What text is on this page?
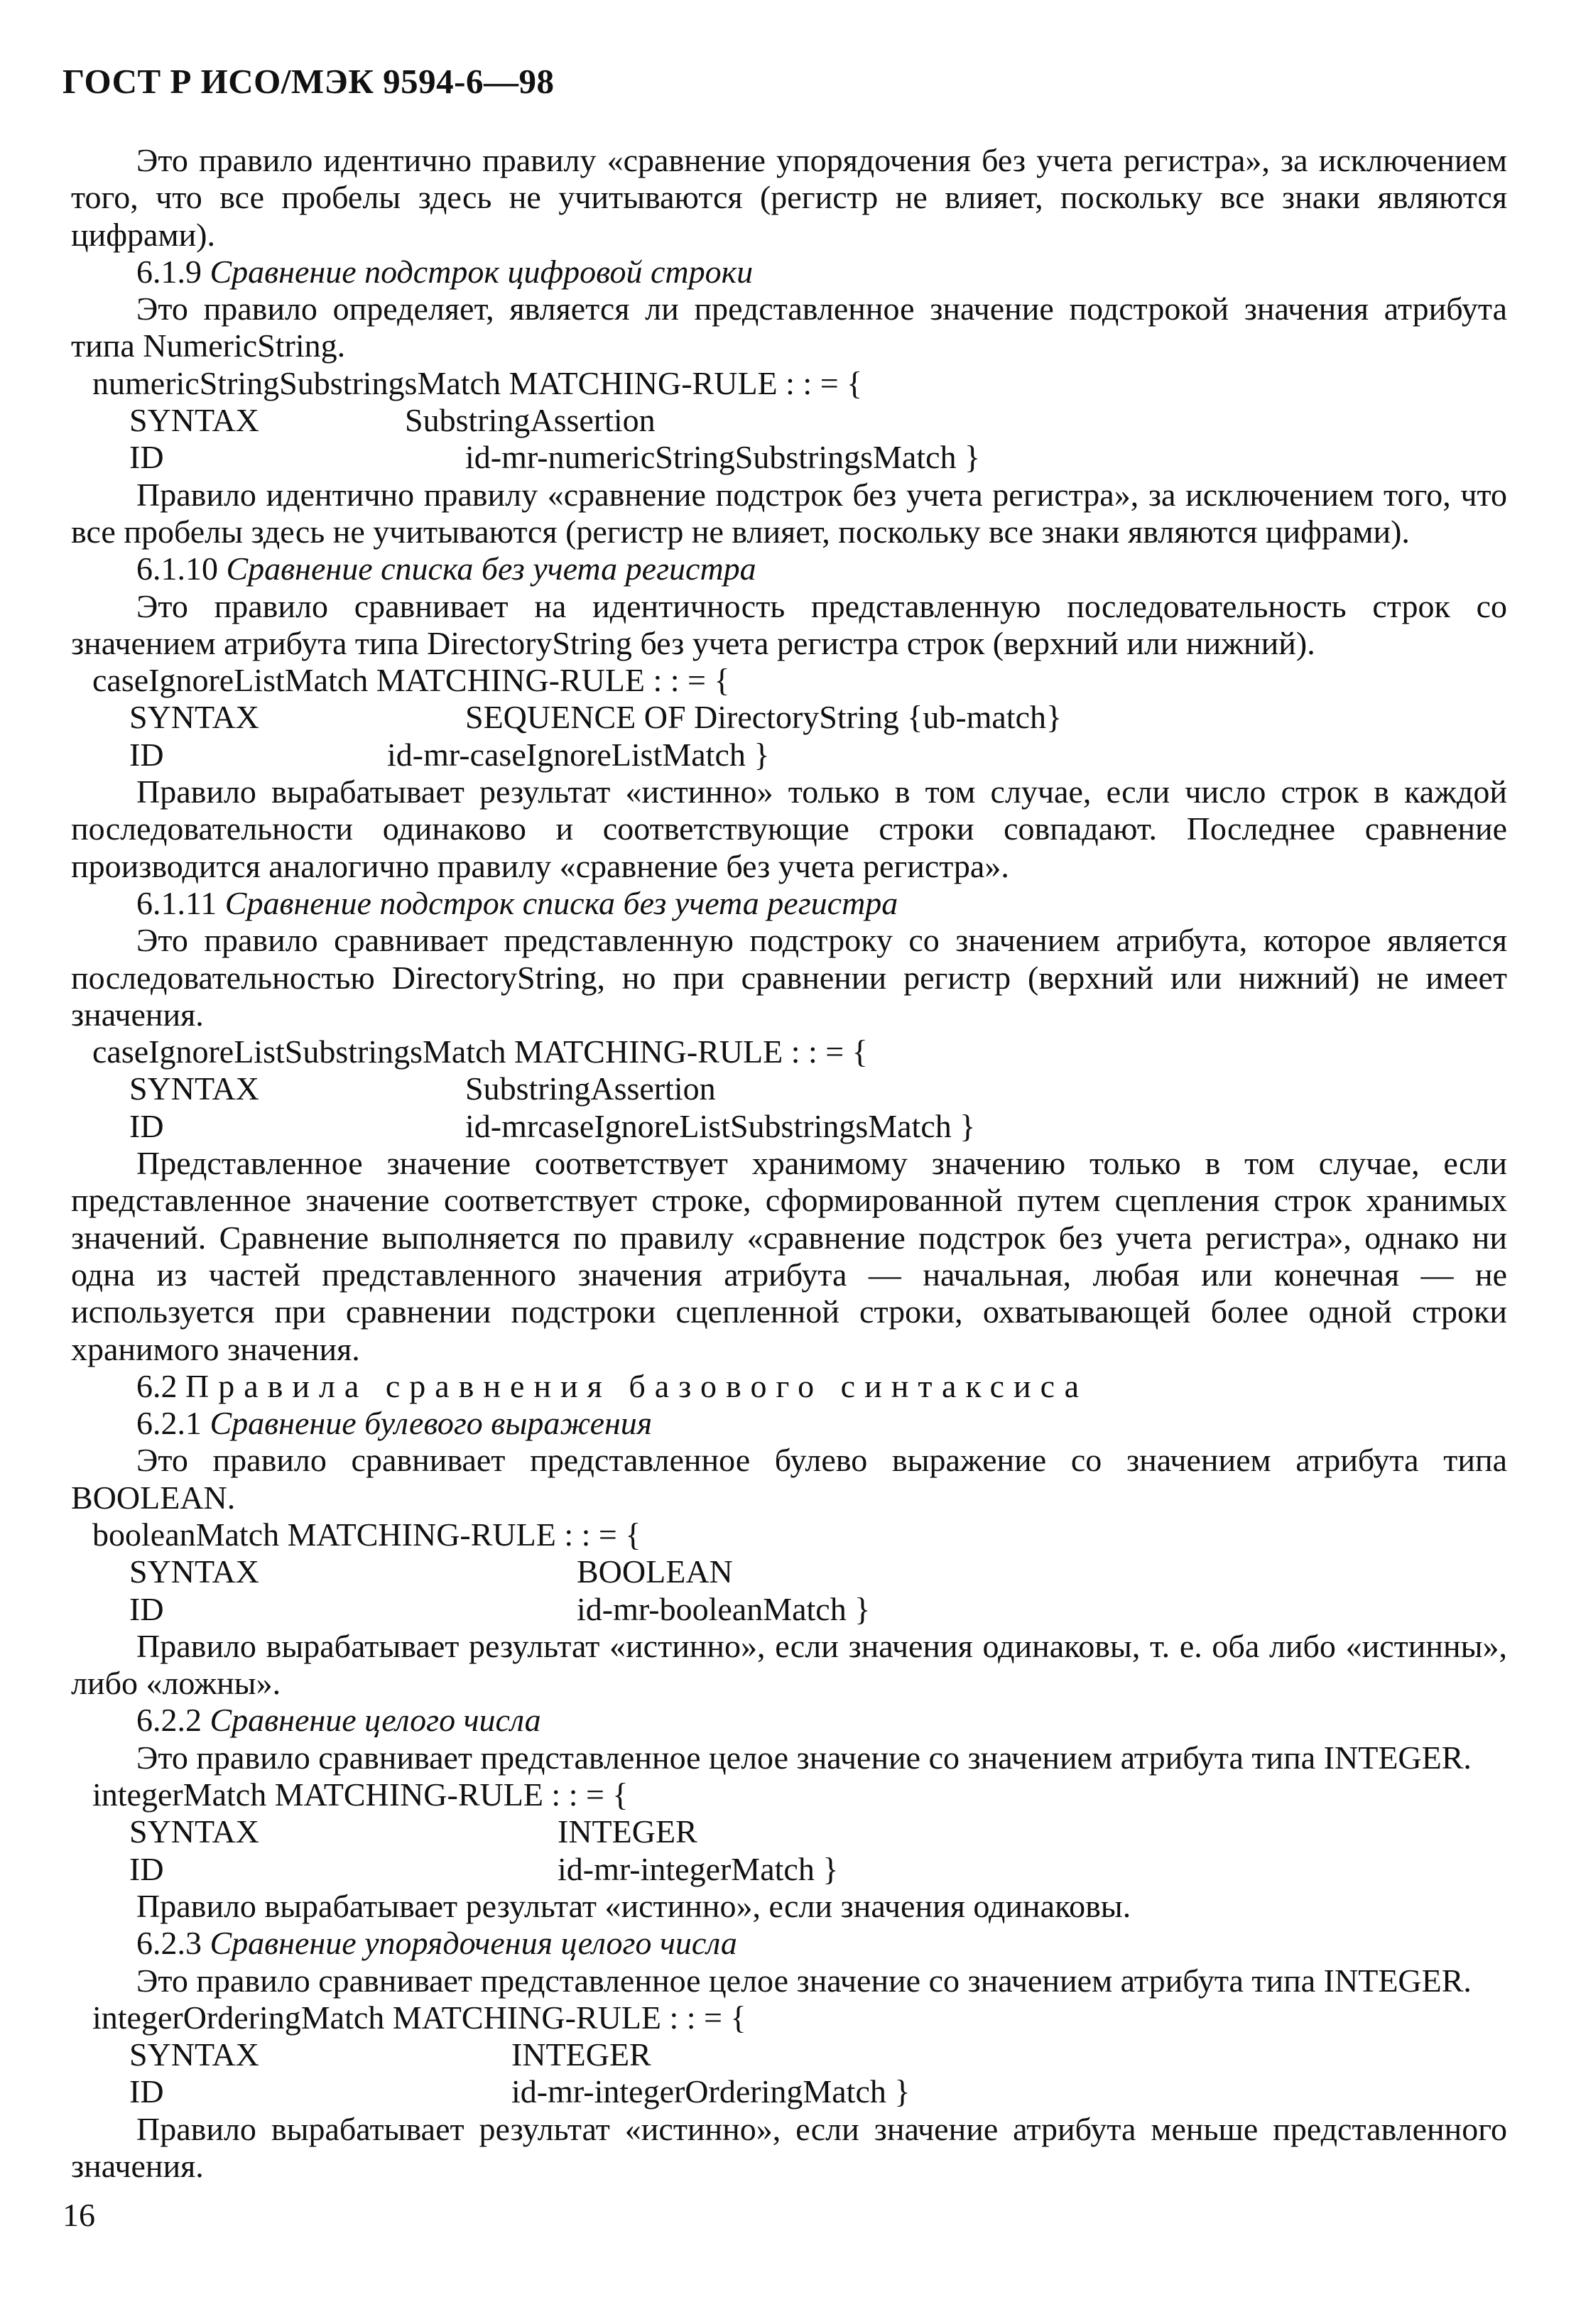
ГОСТ Р ИСО/МЭК 9594-6—98

Это правило идентично правилу «сравнение упорядочения без учета регистра», за исключением того, что все пробелы здесь не учитываются (регистр не влияет, поскольку все знаки являются цифрами).

6.1.9 Сравнение подстрок цифровой строки

Это правило определяет, является ли представленное значение подстрокой значения атрибута типа NumericString.

numericStringSubstringsMatch MATCHING-RULE : : = {
SYNTAX	SubstringAssertion
ID	id-mr-numericStringSubstringsMatch }

Правило идентично правилу «сравнение подстрок без учета регистра», за исключением того, что все пробелы здесь не учитываются (регистр не влияет, поскольку все знаки являются цифрами).

6.1.10 Сравнение списка без учета регистра

Это правило сравнивает на идентичность представленную последовательность строк со значением атрибута типа DirectoryString без учета регистра строк (верхний или нижний).

caseIgnoreListMatch MATCHING-RULE : : = {
SYNTAX	SEQUENCE OF DirectoryString {ub-match}
ID	id-mr-caseIgnoreListMatch }

Правило вырабатывает результат «истинно» только в том случае, если число строк в каждой последовательности одинаково и соответствующие строки совпадают. Последнее сравнение производится аналогично правилу «сравнение без учета регистра».

6.1.11 Сравнение подстрок списка без учета регистра

Это правило сравнивает представленную подстроку со значением атрибута, которое является последовательностью DirectoryString, но при сравнении регистр (верхний или нижний) не имеет значения.

caseIgnoreListSubstringsMatch MATCHING-RULE : : = {
SYNTAX	SubstringAssertion
ID	id-mrcaseIgnoreListSubstringsMatch }

Представленное значение соответствует хранимому значению только в том случае, если представленное значение соответствует строке, сформированной путем сцепления строк хранимых значений. Сравнение выполняется по правилу «сравнение подстрок без учета регистра», однако ни одна из частей представленного значения атрибута — начальная, любая или конечная — не используется при сравнении подстроки сцепленной строки, охватывающей более одной строки хранимого значения.

6.2 Правила сравнения базового синтаксиса

6.2.1 Сравнение булевого выражения

Это правило сравнивает представленное булево выражение со значением атрибута типа BOOLEAN.

booleanMatch MATCHING-RULE : : = {
SYNTAX	BOOLEAN
ID	id-mr-booleanMatch }

Правило вырабатывает результат «истинно», если значения одинаковы, т. е. оба либо «истинны», либо «ложны».

6.2.2 Сравнение целого числа

Это правило сравнивает представленное целое значение со значением атрибута типа INTEGER.

integerMatch MATCHING-RULE : : = {
SYNTAX	INTEGER
ID	id-mr-integerMatch }

Правило вырабатывает результат «истинно», если значения одинаковы.

6.2.3 Сравнение упорядочения целого числа

Это правило сравнивает представленное целое значение со значением атрибута типа INTEGER.

integerOrderingMatch MATCHING-RULE : : = {
SYNTAX	INTEGER
ID	id-mr-integerOrderingMatch }

Правило вырабатывает результат «истинно», если значение атрибута меньше представленного значения.

16
